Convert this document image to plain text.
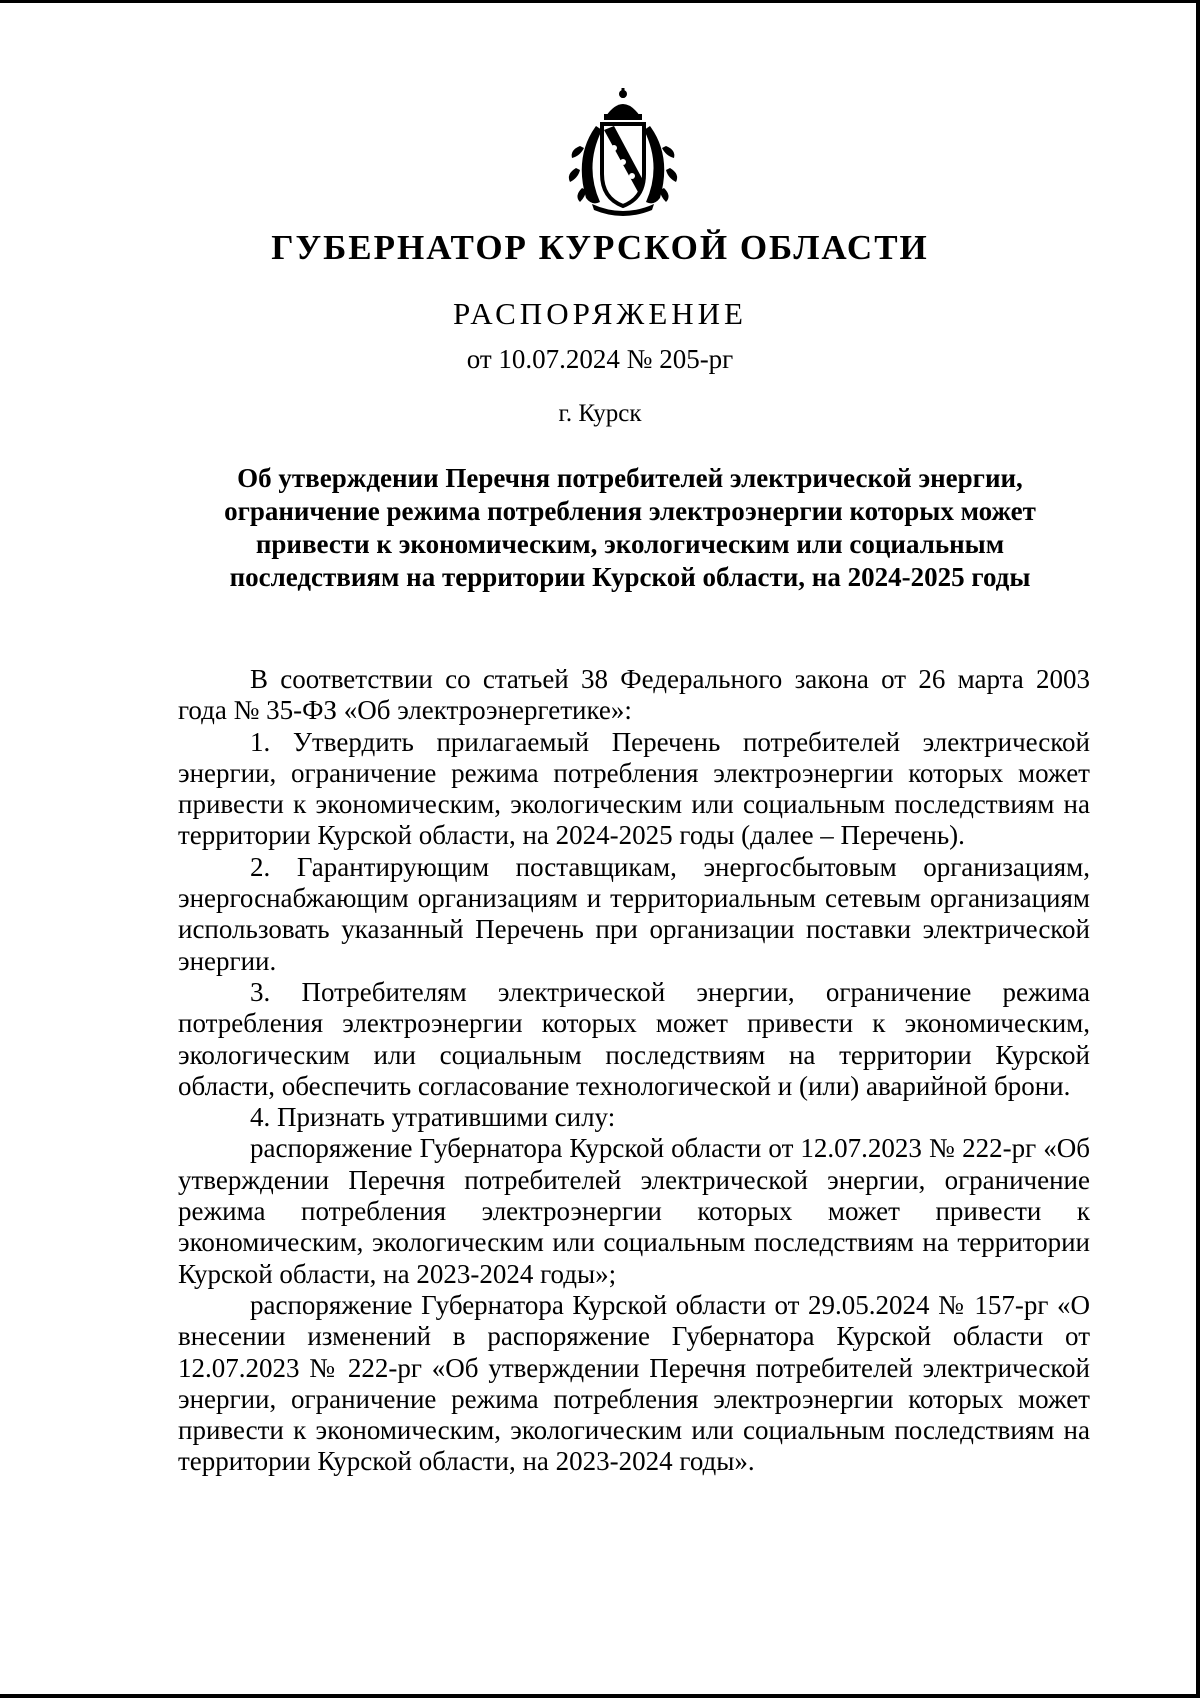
ГУБЕРНАТОР КУРСКОЙ ОБЛАСТИ
РАСПОРЯЖЕНИЕ
от 10.07.2024 № 205-рг
г. Курск
Об утверждении Перечня потребителей электрической энергии,
ограничение режима потребления электроэнергии которых может
привести к экономическим, экологическим или социальным
последствиям на территории Курской области, на 2024-2025 годы

В соответствии со статьей 38 Федерального закона от 26 марта 2003 года № 35-ФЗ «Об электроэнергетике»:

1. Утвердить прилагаемый Перечень потребителей электрической энергии, ограничение режима потребления электроэнергии которых может привести к экономическим, экологическим или социальным последствиям на территории Курской области, на 2024-2025 годы (далее – Перечень).

2. Гарантирующим поставщикам, энергосбытовым организациям, энергоснабжающим организациям и территориальным сетевым организациям использовать указанный Перечень при организации поставки электрической энергии.

3. Потребителям электрической энергии, ограничение режима потребления электроэнергии которых может привести к экономическим, экологическим или социальным последствиям на территории Курской области, обеспечить согласование технологической и (или) аварийной брони.

4. Признать утратившими силу:

распоряжение Губернатора Курской области от 12.07.2023 № 222-рг «Об утверждении Перечня потребителей электрической энергии, ограничение режима потребления электроэнергии которых может привести к экономическим, экологическим или социальным последствиям на территории Курской области, на 2023-2024 годы»;

распоряжение Губернатора Курской области от 29.05.2024 № 157-рг «О внесении изменений в распоряжение Губернатора Курской области от 12.07.2023 № 222-рг «Об утверждении Перечня потребителей электрической энергии, ограничение режима потребления электроэнергии которых может привести к экономическим, экологическим или социальным последствиям на территории Курской области, на 2023-2024 годы».
